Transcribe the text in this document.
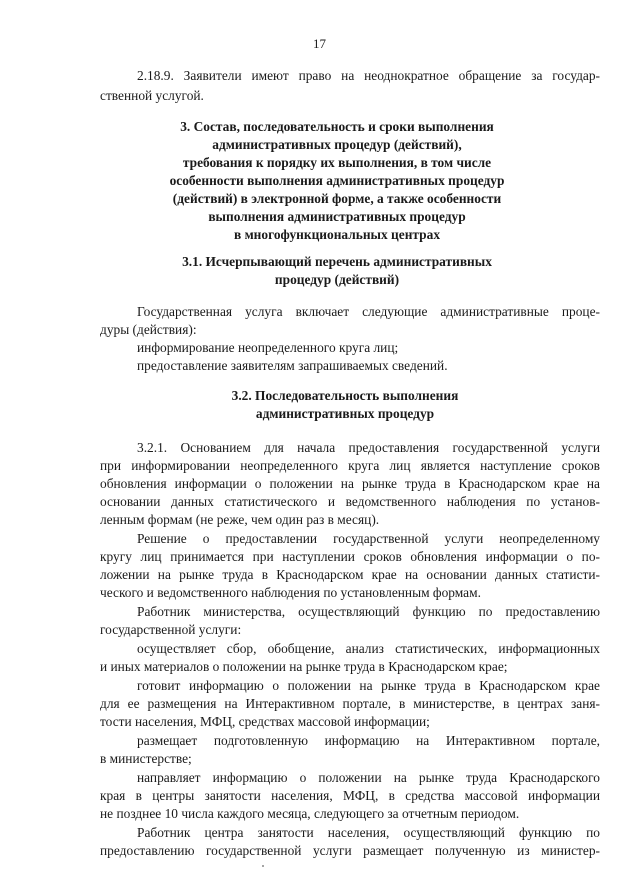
17
2.18.9. Заявители имеют право на неоднократное обращение за государ-
ственной услугой.
3. Состав, последовательность и сроки выполнения
административных процедур (действий),
требования к порядку их выполнения, в том числе
особенности выполнения административных процедур
(действий) в электронной форме, а также особенности
выполнения административных процедур
в многофункциональных центрах
3.1. Исчерпывающий перечень административных
процедур (действий)
Государственная услуга включает следующие административные проце-
дуры (действия):
информирование неопределенного круга лиц;
предоставление заявителям запрашиваемых сведений.
3.2. Последовательность выполнения
административных процедур
3.2.1. Основанием для начала предоставления государственной услуги
при информировании неопределенного круга лиц является наступление сроков
обновления информации о положении на рынке труда в Краснодарском крае на
основании данных статистического и ведомственного наблюдения по установ-
ленным формам (не реже, чем один раз в месяц).
Решение о предоставлении государственной услуги неопределенному
кругу лиц принимается при наступлении сроков обновления информации о по-
ложении на рынке труда в Краснодарском крае на основании данных статисти-
ческого и ведомственного наблюдения по установленным формам.
Работник министерства, осуществляющий функцию по предоставлению
государственной услуги:
осуществляет сбор, обобщение, анализ статистических, информационных
и иных материалов о положении на рынке труда в Краснодарском крае;
готовит информацию о положении на рынке труда в Краснодарском крае
для ее размещения на Интерактивном портале, в министерстве, в центрах заня-
тости населения, МФЦ, средствах массовой информации;
размещает подготовленную информацию на Интерактивном портале,
в министерстве;
направляет информацию о положении на рынке труда Краснодарского
края в центры занятости населения, МФЦ, в средства массовой информации
не позднее 10 числа каждого месяца, следующего за отчетным периодом.
Работник центра занятости населения, осуществляющий функцию по
предоставлению государственной услуги размещает полученную из министер-
